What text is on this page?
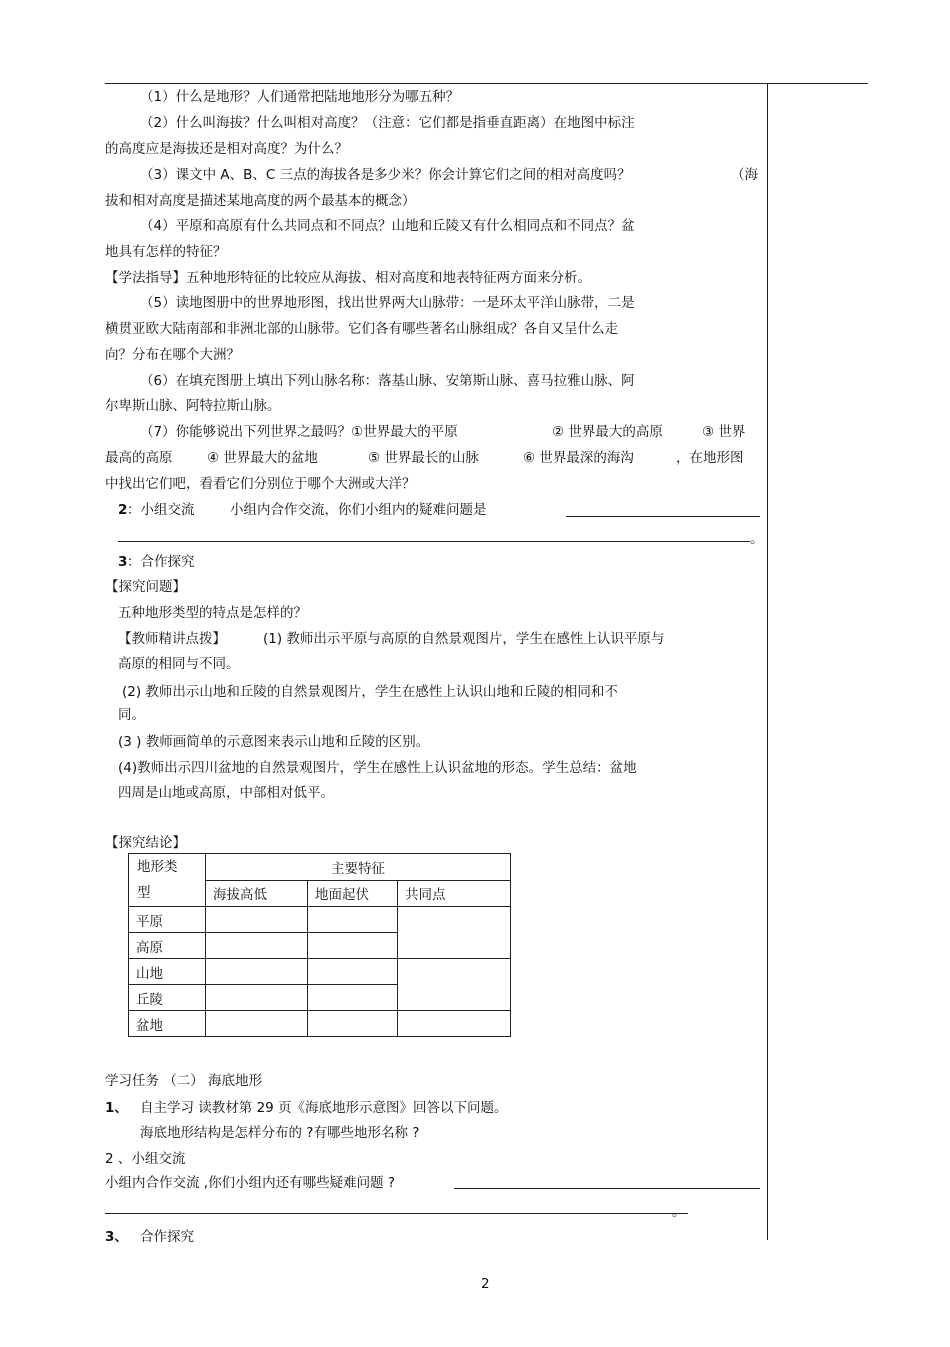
（1）什么是地形？人们通常把陆地地形分为哪五种？
（2）什么叫海拔？什么叫相对高度？（注意：它们都是指垂直距离）在地图中标注
的高度应是海拔还是相对高度？为什么？
（3）课文中 A、B、C 三点的海拔各是多少米？你会计算它们之间的相对高度吗？	（海
拔和相对高度是描述某地高度的两个最基本的概念）
（4）平原和高原有什么共同点和不同点？山地和丘陵又有什么相同点和不同点？盆
地具有怎样的特征？
【学法指导】五种地形特征的比较应从海拔、相对高度和地表特征两方面来分析。
（5）读地图册中的世界地形图，找出世界两大山脉带：一是环太平洋山脉带，二是
横贯亚欧大陆南部和非洲北部的山脉带。它们各有哪些著名山脉组成？各自又呈什么走
向？分布在哪个大洲？
（6）在填充图册上填出下列山脉名称：落基山脉、安第斯山脉、喜马拉雅山脉、阿
尔卑斯山脉、阿特拉斯山脉。
（7）你能够说出下列世界之最吗？①世界最大的平原	② 世界最大的高原	③ 世界
最高的高原	④ 世界最大的盆地	⑤ 世界最长的山脉	⑥ 世界最深的海沟	，在地形图
中找出它们吧，看看它们分别位于哪个大洲或大洋？
2 ：小组交流	小组内合作交流，你们小组内的疑难问题是
。
3 ：合作探究
【探究问题】
五种地形类型的特点是怎样的？
【教师精讲点拨】	(1) 教师出示平原与高原的自然景观图片，学生在感性上认识平原与
高原的相同与不同。
(2) 教师出示山地和丘陵的自然景观图片，学生在感性上认识山地和丘陵的相同和不
同。
(3 ) 教师画简单的示意图来表示山地和丘陵的区别。
(4)教师出示四川盆地的自然景观图片，学生在感性上认识盆地的形态。学生总结：盆地
四周是山地或高原，中部相对低平。
【探究结论】
地形类
型	主要特征		
	海拔高低	地面起伏	共同点
平原			
高原			
山地			
丘陵			
盆地			
学习任务 （二） 海底地形
1、 自主学习 读教材第 29 页《海底地形示意图》回答以下问题。
海底地形结构是怎样分布的 ?有哪些地形名称 ?
2 、小组交流
小组内合作交流 ,你们小组内还有哪些疑难问题 ?
。
3、 合作探究
2
